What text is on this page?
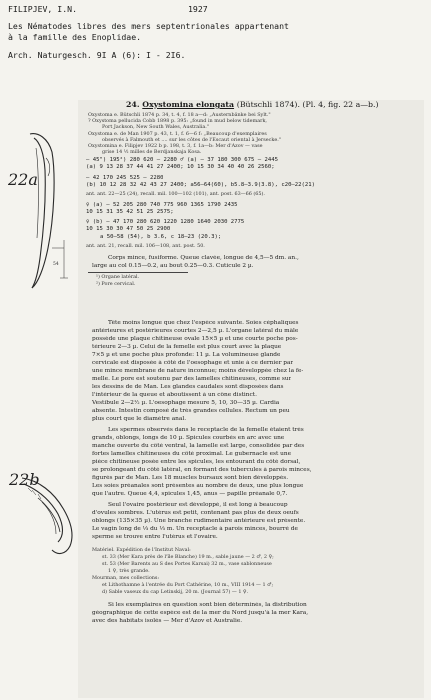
FILIPJEV, I.N.	1927
Les Nématodes libres des mers septentrionales appartenant
à la famille des Enoplidae.
Arch. Naturgesch. 9I A (6): I - 2I6.
22a
54
22b
24. Oxystomina elongata (Bütschli 1874). (Pl. 4, fig. 22 a—b.)
Oxystoma e. Bütschli 1874 p. 34, t. 4, f. 18 a—d: „Austernbänke bei Sylt."
? Oxystoma pellucida Cobb 1898 p. 395: „found in mud below tidemark,
Port Jackson, New South Wales, Australia."
Oxystoma e. de Man 1907 p. 43, t. 1, f. 6—6 f: „Beaucoup d'exemplaires
observés à Falmouth et .... sur les côtes de l'Escaut oriental à Jersecke."
Oxystomina e. Filipjev 1922 b p. 198, t. 3, f. 1a—b: Mer d'Azov — vase
grise 14 ½ milles de Berdjanskaja Kosa.
— 45") 195²) 280 620 — 2280 ♂ (a) — 37 180 300 675 — 2445
(a) 9 13 28 37 44 41 27 2400; 10 15 30 34 40 40 26 2560;
— 42 170 245 525 — 2280
(b) 10 12 28 32 42 43 27 2400; a56—64(60), b5.8—3.9(3.8), c20—22(21)
ant. ant. 22—25 (24), recall. mil. 100—102 (101), ant. post. 63—66 (65).
♀ (a) — 52 205 280 740 775 960 1365 1790 2435
10 15 31 35 42 51 25 2575;
♀ (b) — 47 170 280 620 1220 1280 1640 2030 2775
10 15 30 30 47 50 25 2900
a 50—58 (54), b 3.6, c 18—23 (20.3);
ant. ant. 21, recall. mil. 106—108, ant. post. 50.
Corps mince, fusiforme. Queue clavée, longue de 4,5—5 dm. an.,
large au col 0.15—0.2, au bout 0.25—0.3. Cuticule 2 µ.
¹) Organe latéral.
²) Pore cervical.
Tête moins longue que chez l'espèce suivante. Soies céphaliques
antérieures et postérieures courtes 2—2,5 µ. L'organe latéral du mâle
possède une plaque chitineuse ovale 15×5 µ et une courte poche pos-
térieure 2—3 µ. Celui de la femelle est plus court avec la plaque
7×5 µ et une poche plus profonde: 11 µ. La volumineuse glande
cervicale est disposée à côté de l'oesophage et unie à ce dernier par
une mince membrane de nature inconnue; moins développée chez la fe-
melle. Le pore est soutenu par des lamelles chitineuses, comme sur
les dessins de de Man. Les glandes caudales sont disposées dans
l'intérieur de la queue et aboutissent à un cône distinct.
Vestibule 2—2½ µ. L'oesophage mesure 5, 10, 30—35 µ. Cardia
absente. Intestin composé de très grandes cellules. Rectum un peu
plus court que le diamètre anal.
Les spermes observés dans le receptacle de la femelle étaient très
grands, oblongs, longs de 10 µ. Spicules courbés en arc avec une
manche ouverte du côté ventral, la lamelle est large, consolidée par des
fortes lamelles chitineuses du côté proximal. Le gubernacle est une
pièce chitineuse posée entre les spicules, les entourant du côté dorsal,
se prolongeant du côté latéral, en formant des tubercules à parois minces,
figurés par de Man. Les 18 muscles bursaux sont bien développés.
Les soies préanales sont présentes au nombre de deux, une plus longue
que l'autre. Queue 4,4, spicules 1,45, anus — papille préanale 0,7.
Seul l'ovaire postérieur est développé, il est long à beaucoup
d'ovules sombres. L'utérus est petit, contenant pas plus de deux oeufs
oblongs (135×35 µ). Une branche rudimentaire antérieure est présente.
Le vagin long de ⅓ du ⅓ m. Un receptacle à parois minces, bourré de
sperme se trouve entre l'utérus et l'ovaire.
Matériel. Expédition de l'Institut Naval:
st. 33 (Mer Kara près de l'île Blanche) 19 m., sable jaune — 2 ♂, 2 ♀;
st. 53 (Mer Barents au S des Portes Karsai) 32 m., vase sablonneuse
1 ♀, très grande.
Mourman, mes collections:
et Lithothamne à l'entrée du Port Cathérine, 10 m., VIII 1914 — 1 ♂;
d) Sable vaseux du cap Letinskij, 20 m. (Journal 57) — 1 ♀.
Si les exemplaires en question sont bien déterminés, la distribution
géographique de cette espèce est de la mer du Nord jusqu'à la mer Kara,
avec des habitats isolés — Mer d'Azov et Australie.
